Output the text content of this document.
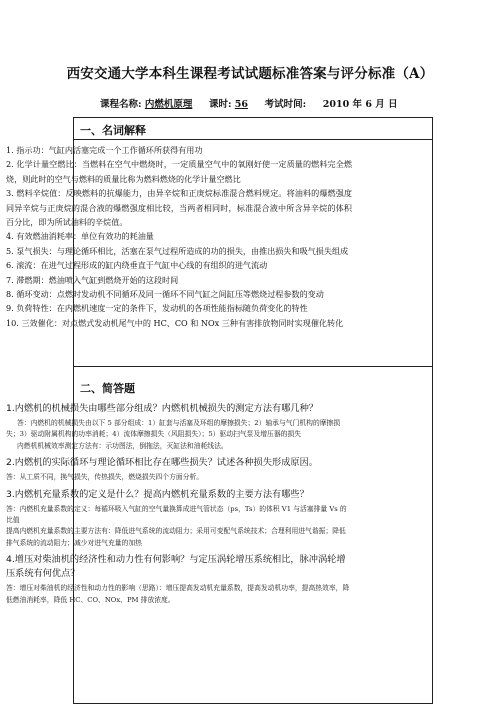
西安交通大学本科生课程考试试题标准答案与评分标准（A）
课程名称: 内燃机原理 课时: 56 考试时间: 2010 年 6 月 日
一、名词解释
二、简答题

1. 指示功：气缸内活塞完成一个工作循环所获得有用功

2. 化学计量空燃比：当燃料在空气中燃烧时，一定质量空气中的氧刚好使一定质量的燃料完全燃烧，则此时的空气与燃料的质量比称为燃料燃烧的化学计量空燃比

3. 燃料辛烷值：反映燃料的抗爆能力，由异辛烷和正庚烷标准混合燃料规定。将油料的爆燃强度同异辛烷与正庚烷的混合液的爆燃强度相比较，当两者相同时，标准混合液中所含异辛烷的体积百分比，即为所试油料的辛烷值。

4. 有效燃油消耗率：单位有效功的耗油量

5. 泵气损失：与理论循环相比，活塞在泵气过程所造成的功的损失，由推出损失和吸气损失组成

6. 滚流：在进气过程形成的缸内绕垂直于气缸中心线的有组织的进气流动

7. 滞燃期：燃油喷入气缸到燃烧开始的这段时间

8. 循环变动：点燃时发动机不同循环及同一循环不同气缸之间缸压等燃烧过程参数的变动

9. 负荷特性：在内燃机速度一定的条件下，发动机的各项性能指标随负荷变化的特性

10. 三效催化：对点燃式发动机尾气中的 HC、CO 和 NOx 三种有害排放物同时实现催化转化

1.内燃机的机械损失由哪些部分组成？内燃机机械损失的测定方法有哪几种？

答：内燃机的机械损失由以下 5 部分组成：1）缸套与活塞及环组的摩擦损失；2）轴承与气门机构的摩擦损失；3）驱动附属机构的功率消耗；4）流体摩擦损失（风阻损失）；5）驱动扫气泵及增压器的损失

内燃机机械效率测定方法有：示功图法，倒拖法，灭缸法和油耗线法。

2.内燃机的实际循环与理论循环相比存在哪些损失？试述各种损失形成原因。

答：从工质不同，换气损失，传热损失，燃烧损失四个方面分析。

3.内燃机充量系数的定义是什么？提高内燃机充量系数的主要方法有哪些？

答：内燃机充量系数的定义：每循环吸入气缸的空气量换算成进气管状态（ps，Ts）的体积 V1 与活塞排量 Vs 的比值

提高内燃机充量系数的主要方法有：降低进气系统的流动阻力；采用可变配气系统技术；合理利用进气谐振；降低排气系统的流动阻力；减少对进气充量的加热

4.增压对柴油机的经济性和动力性有何影响？与定压涡轮增压系统相比，脉冲涡轮增压系统有何优点？

答：增压对柴油机的经济性和动力性的影响（思路）：增压提高发动机充量系数，提高发动机功率，提高热效率，降低燃油消耗率，降低 HC、CO、NOx、PM 排放浓度。
